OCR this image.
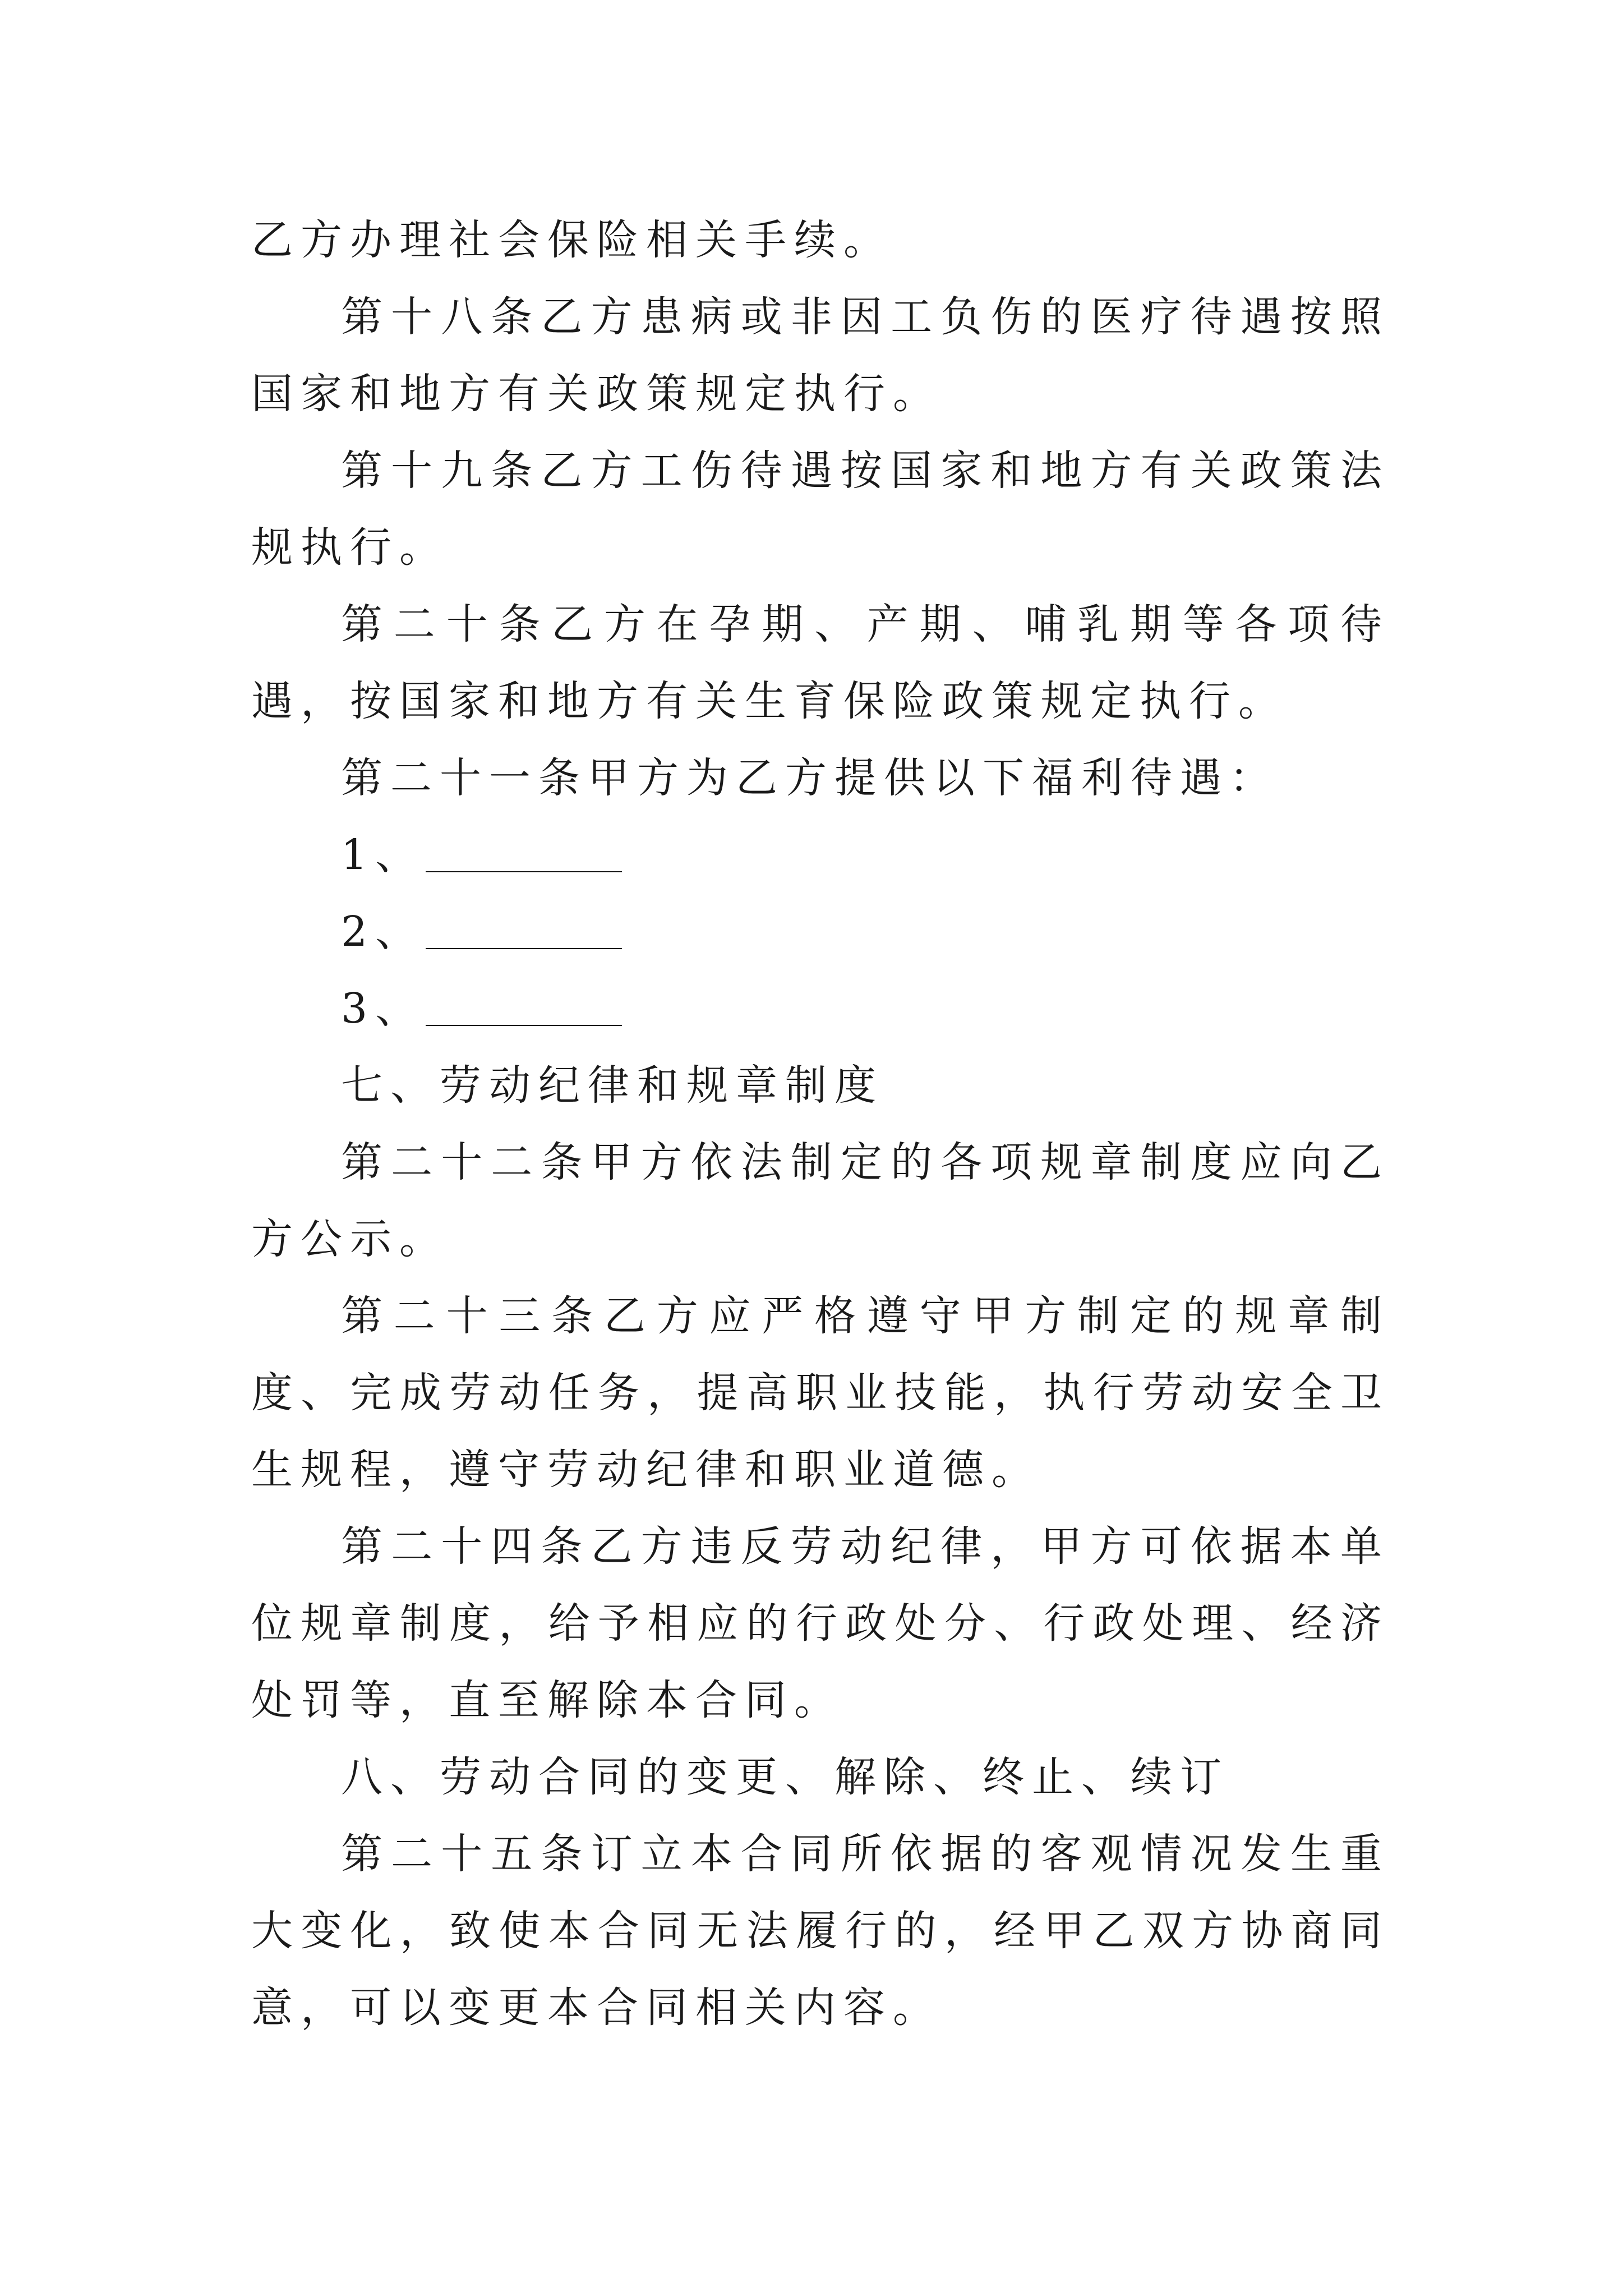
乙方办理社会保险相关手续。

第十八条乙方患病或非因工负伤的医疗待遇按照国家和地方有关政策规定执行。

第十九条乙方工伤待遇按国家和地方有关政策法规执行。

第二十条乙方在孕期、产期、哺乳期等各项待遇，按国家和地方有关生育保险政策规定执行。

第二十一条甲方为乙方提供以下福利待遇：

1、

2、

3、

七、劳动纪律和规章制度

第二十二条甲方依法制定的各项规章制度应向乙方公示。

第二十三条乙方应严格遵守甲方制定的规章制度、完成劳动任务，提高职业技能，执行劳动安全卫生规程，遵守劳动纪律和职业道德。

第二十四条乙方违反劳动纪律，甲方可依据本单位规章制度，给予相应的行政处分、行政处理、经济处罚等，直至解除本合同。

八、劳动合同的变更、解除、终止、续订

第二十五条订立本合同所依据的客观情况发生重大变化，致使本合同无法履行的，经甲乙双方协商同意，可以变更本合同相关内容。
